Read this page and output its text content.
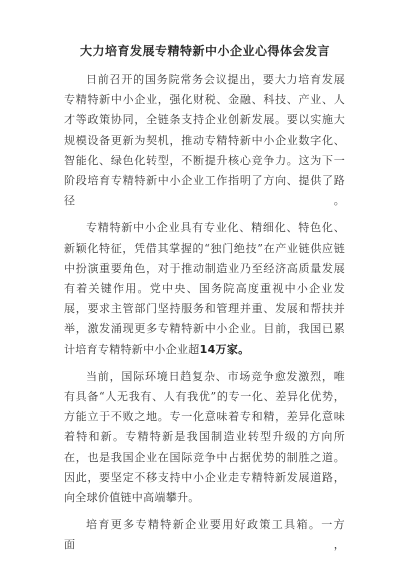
大力培育发展专精特新中小企业心得体会发言

日前召开的国务院常务会议提出，要大力培育发展专精特新中小企业，强化财税、金融、科技、产业、人才等政策协同，全链条支持企业创新发展。要以实施大规模设备更新为契机，推动专精特新中小企业数字化、智能化、绿色化转型，不断提升核心竞争力。这为下一阶段培育专精特新中小企业工作指明了方向、提供了路径。

专精特新中小企业具有专业化、精细化、特色化、新颖化特征，凭借其掌握的“独门绝技”在产业链供应链中扮演重要角色，对于推动制造业乃至经济高质量发展有着关键作用。党中央、国务院高度重视中小企业发展，要求主管部门坚持服务和管理并重、发展和帮扶并举，激发涌现更多专精特新中小企业。目前，我国已累计培育专精特新中小企业超14万家。

当前，国际环境日趋复杂、市场竞争愈发激烈，唯有具备“人无我有、人有我优”的专一化、差异化优势，方能立于不败之地。专一化意味着专和精，差异化意味着特和新。专精特新是我国制造业转型升级的方向所在，也是我国企业在国际竞争中占据优势的制胜之道。因此，要坚定不移支持中小企业走专精特新发展道路，向全球价值链中高端攀升。

培育更多专精特新企业要用好政策工具箱。一方面，
